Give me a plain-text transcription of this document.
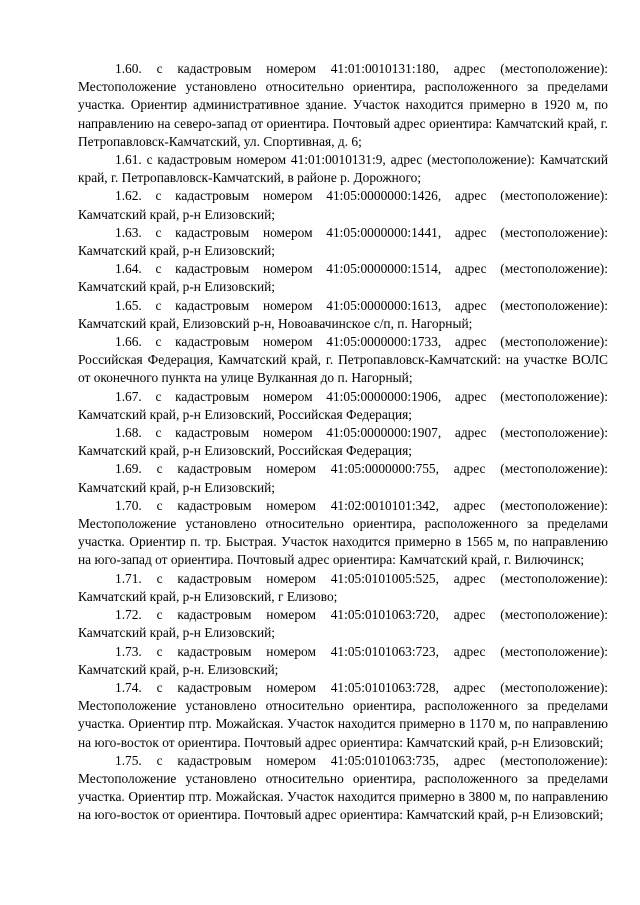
1.60. с кадастровым номером 41:01:0010131:180, адрес (местоположение): Местоположение установлено относительно ориентира, расположенного за пределами участка. Ориентир административное здание. Участок находится примерно в 1920 м, по направлению на северо-запад от ориентира. Почтовый адрес ориентира: Камчатский край, г. Петропавловск-Камчатский, ул. Спортивная, д. 6;

1.61. с кадастровым номером 41:01:0010131:9, адрес (местоположение): Камчатский край, г. Петропавловск-Камчатский, в районе р. Дорожного;

1.62. с кадастровым номером 41:05:0000000:1426, адрес (местоположение): Камчатский край, р-н Елизовский;

1.63. с кадастровым номером 41:05:0000000:1441, адрес (местоположение): Камчатский край, р-н Елизовский;

1.64. с кадастровым номером 41:05:0000000:1514, адрес (местоположение): Камчатский край, р-н Елизовский;

1.65. с кадастровым номером 41:05:0000000:1613, адрес (местоположение): Камчатский край, Елизовский р-н, Новоавачинское с/п, п. Нагорный;

1.66. с кадастровым номером 41:05:0000000:1733, адрес (местоположение): Российская Федерация, Камчатский край, г. Петропавловск-Камчатский: на участке ВОЛС от оконечного пункта на улице Вулканная до п. Нагорный;

1.67. с кадастровым номером 41:05:0000000:1906, адрес (местоположение): Камчатский край, р-н Елизовский, Российская Федерация;

1.68. с кадастровым номером 41:05:0000000:1907, адрес (местоположение): Камчатский край, р-н Елизовский, Российская Федерация;

1.69. с кадастровым номером 41:05:0000000:755, адрес (местоположение): Камчатский край, р-н Елизовский;

1.70. с кадастровым номером 41:02:0010101:342, адрес (местоположение): Местоположение установлено относительно ориентира, расположенного за пределами участка. Ориентир п. тр. Быстрая. Участок находится примерно в 1565 м, по направлению на юго-запад от ориентира. Почтовый адрес ориентира: Камчатский край, г. Вилючинск;

1.71. с кадастровым номером 41:05:0101005:525, адрес (местоположение): Камчатский край, р-н Елизовский, г Елизово;

1.72. с кадастровым номером 41:05:0101063:720, адрес (местоположение): Камчатский край, р-н Елизовский;

1.73. с кадастровым номером 41:05:0101063:723, адрес (местоположение): Камчатский край, р-н. Елизовский;

1.74. с кадастровым номером 41:05:0101063:728, адрес (местоположение): Местоположение установлено относительно ориентира, расположенного за пределами участка. Ориентир птр. Можайская. Участок находится примерно в 1170 м, по направлению на юго-восток от ориентира. Почтовый адрес ориентира: Камчатский край, р-н Елизовский;

1.75. с кадастровым номером 41:05:0101063:735, адрес (местоположение): Местоположение установлено относительно ориентира, расположенного за пределами участка. Ориентир птр. Можайская. Участок находится примерно в 3800 м, по направлению на юго-восток от ориентира. Почтовый адрес ориентира: Камчатский край, р-н Елизовский;
